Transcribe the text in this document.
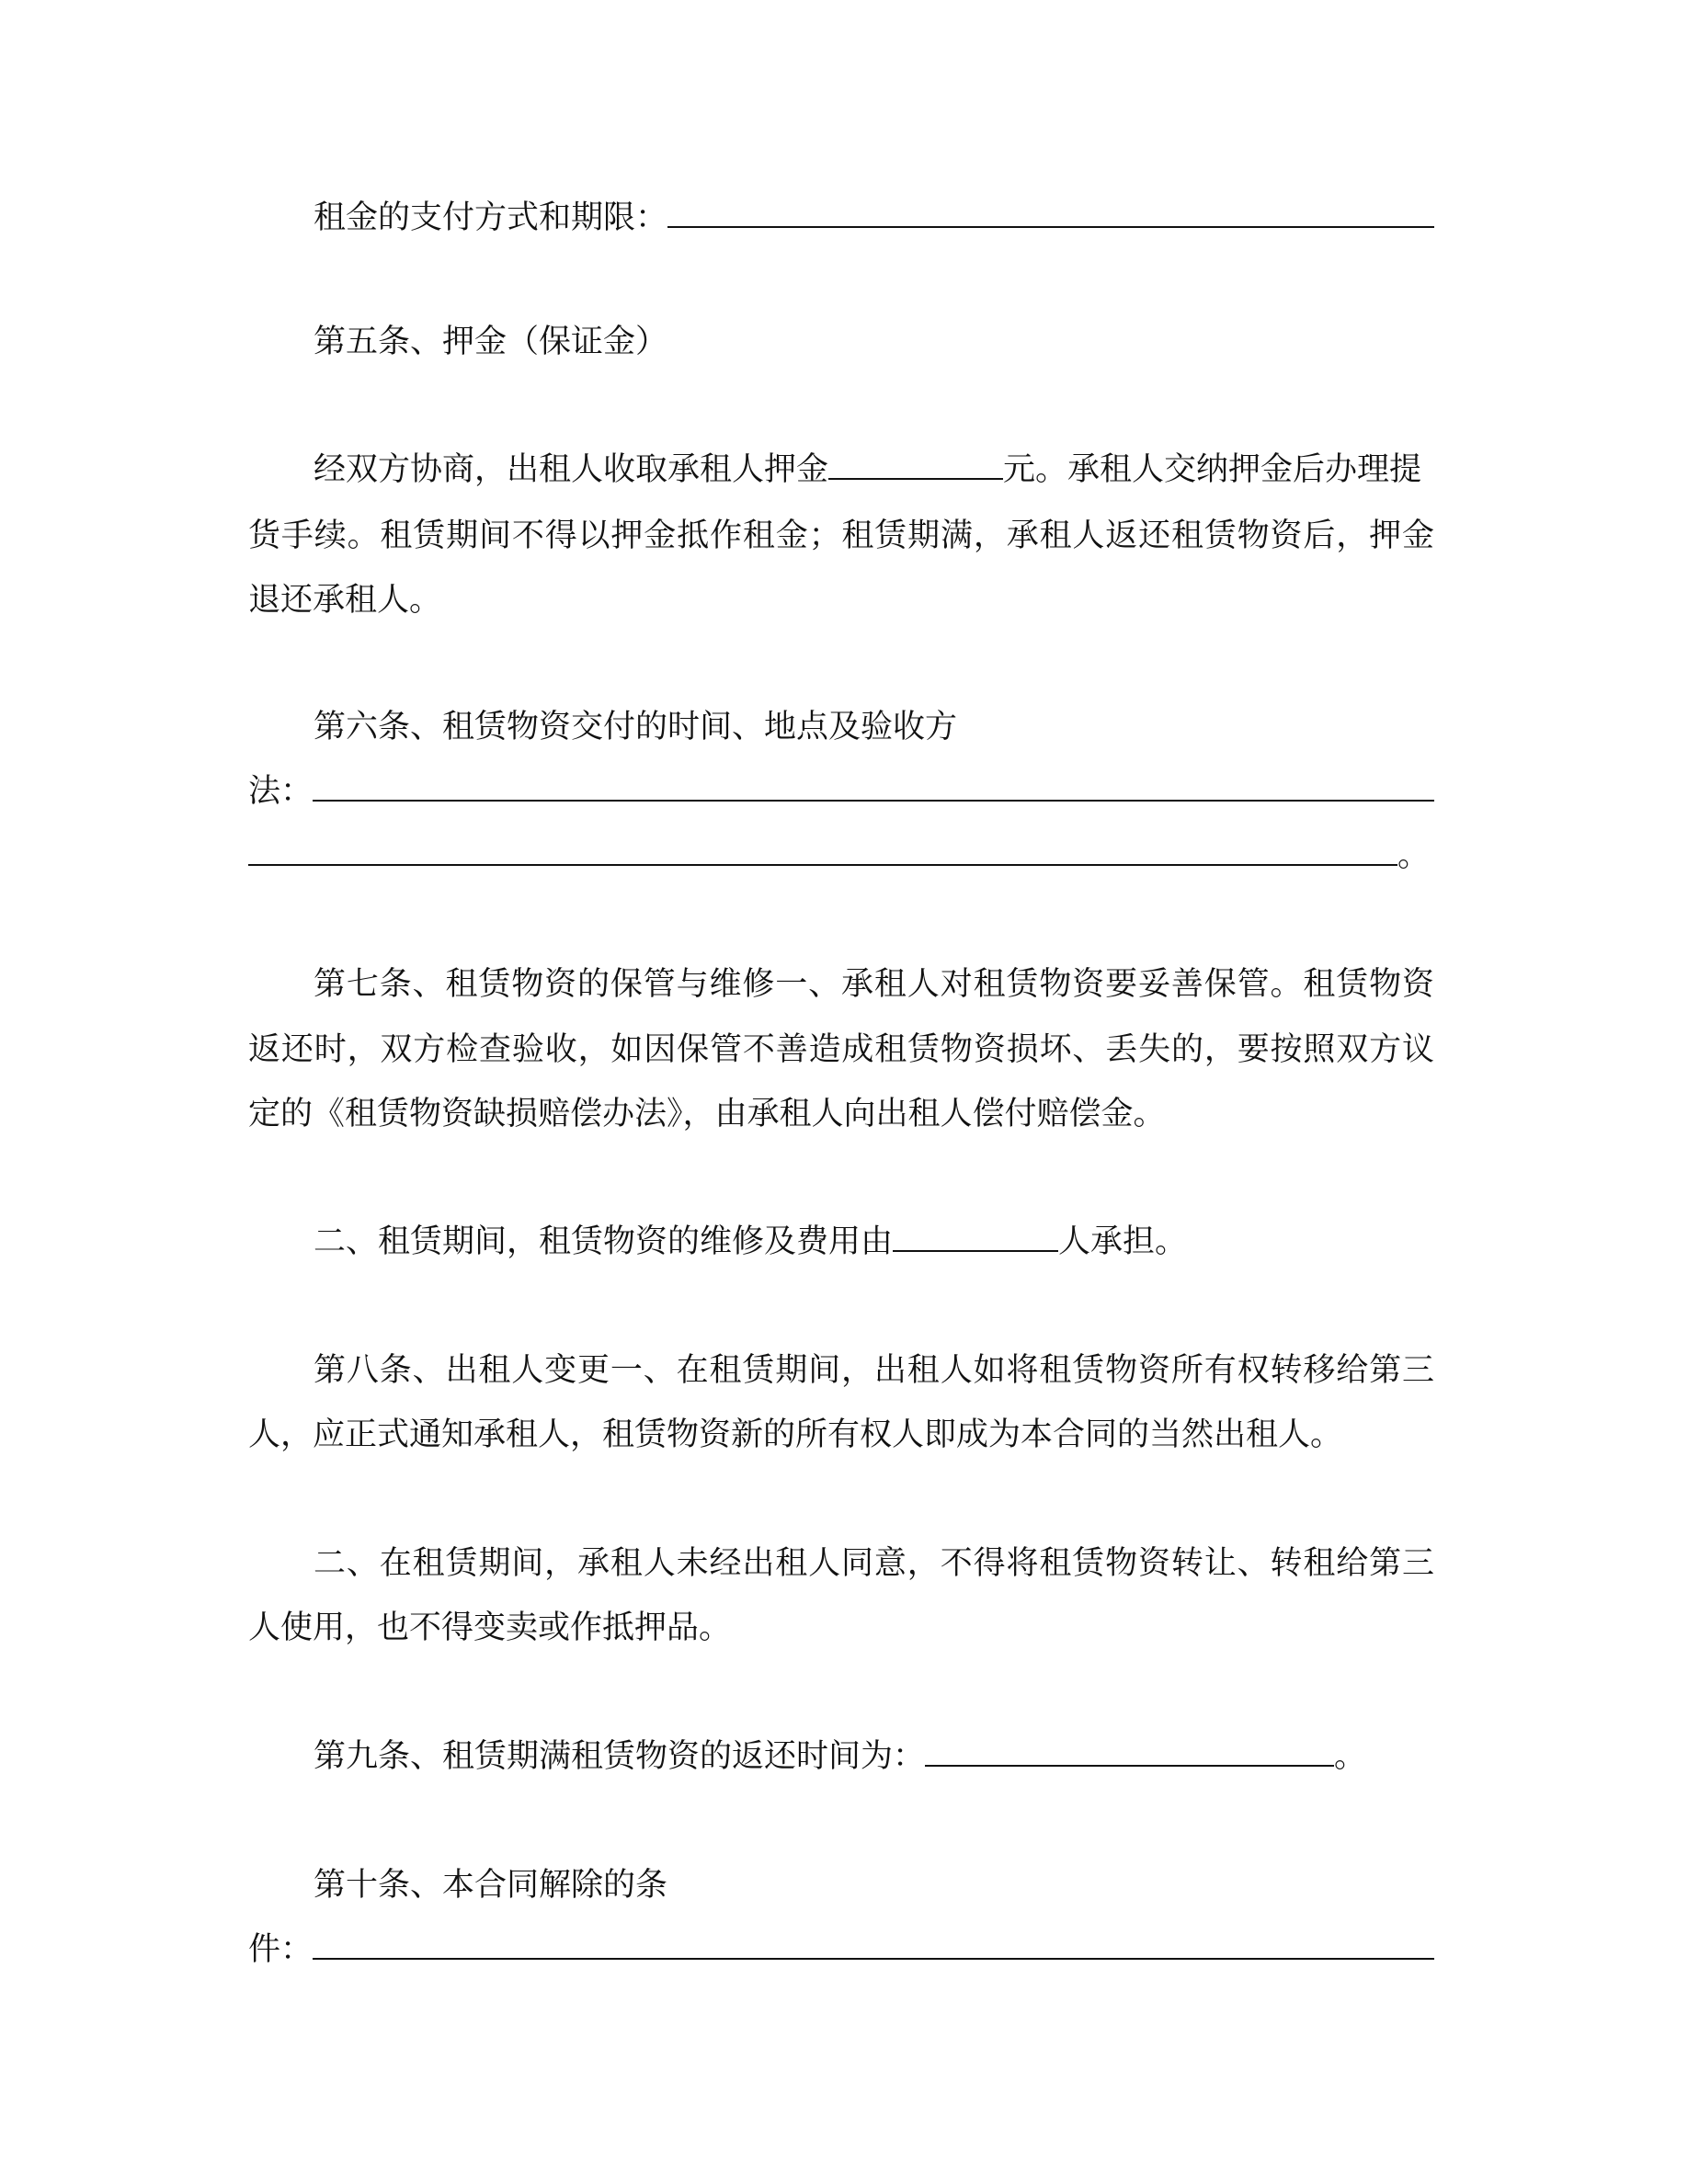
租金的支付方式和期限：
第五条、押金（保证金）
经双方协商，出租人收取承租人押金	元。承租人交纳押金后办理提
货手续。租赁期间不得以押金抵作租金；租赁期满，承租人返还租赁物资后，押金
退还承租人。
第六条、租赁物资交付的时间、地点及验收方
法：
。
第七条、租赁物资的保管与维修一、承租人对租赁物资要妥善保管。租赁物资
返还时，双方检查验收，如因保管不善造成租赁物资损坏、丢失的，要按照双方议
定的《租赁物资缺损赔偿办法》，由承租人向出租人偿付赔偿金。
二、租赁期间，租赁物资的维修及费用由	人承担。
第八条、出租人变更一、在租赁期间，出租人如将租赁物资所有权转移给第三
人，应正式通知承租人，租赁物资新的所有权人即成为本合同的当然出租人。
二、在租赁期间，承租人未经出租人同意，不得将租赁物资转让、转租给第三
人使用，也不得变卖或作抵押品。
第九条、租赁期满租赁物资的返还时间为：	。
第十条、本合同解除的条
件：
